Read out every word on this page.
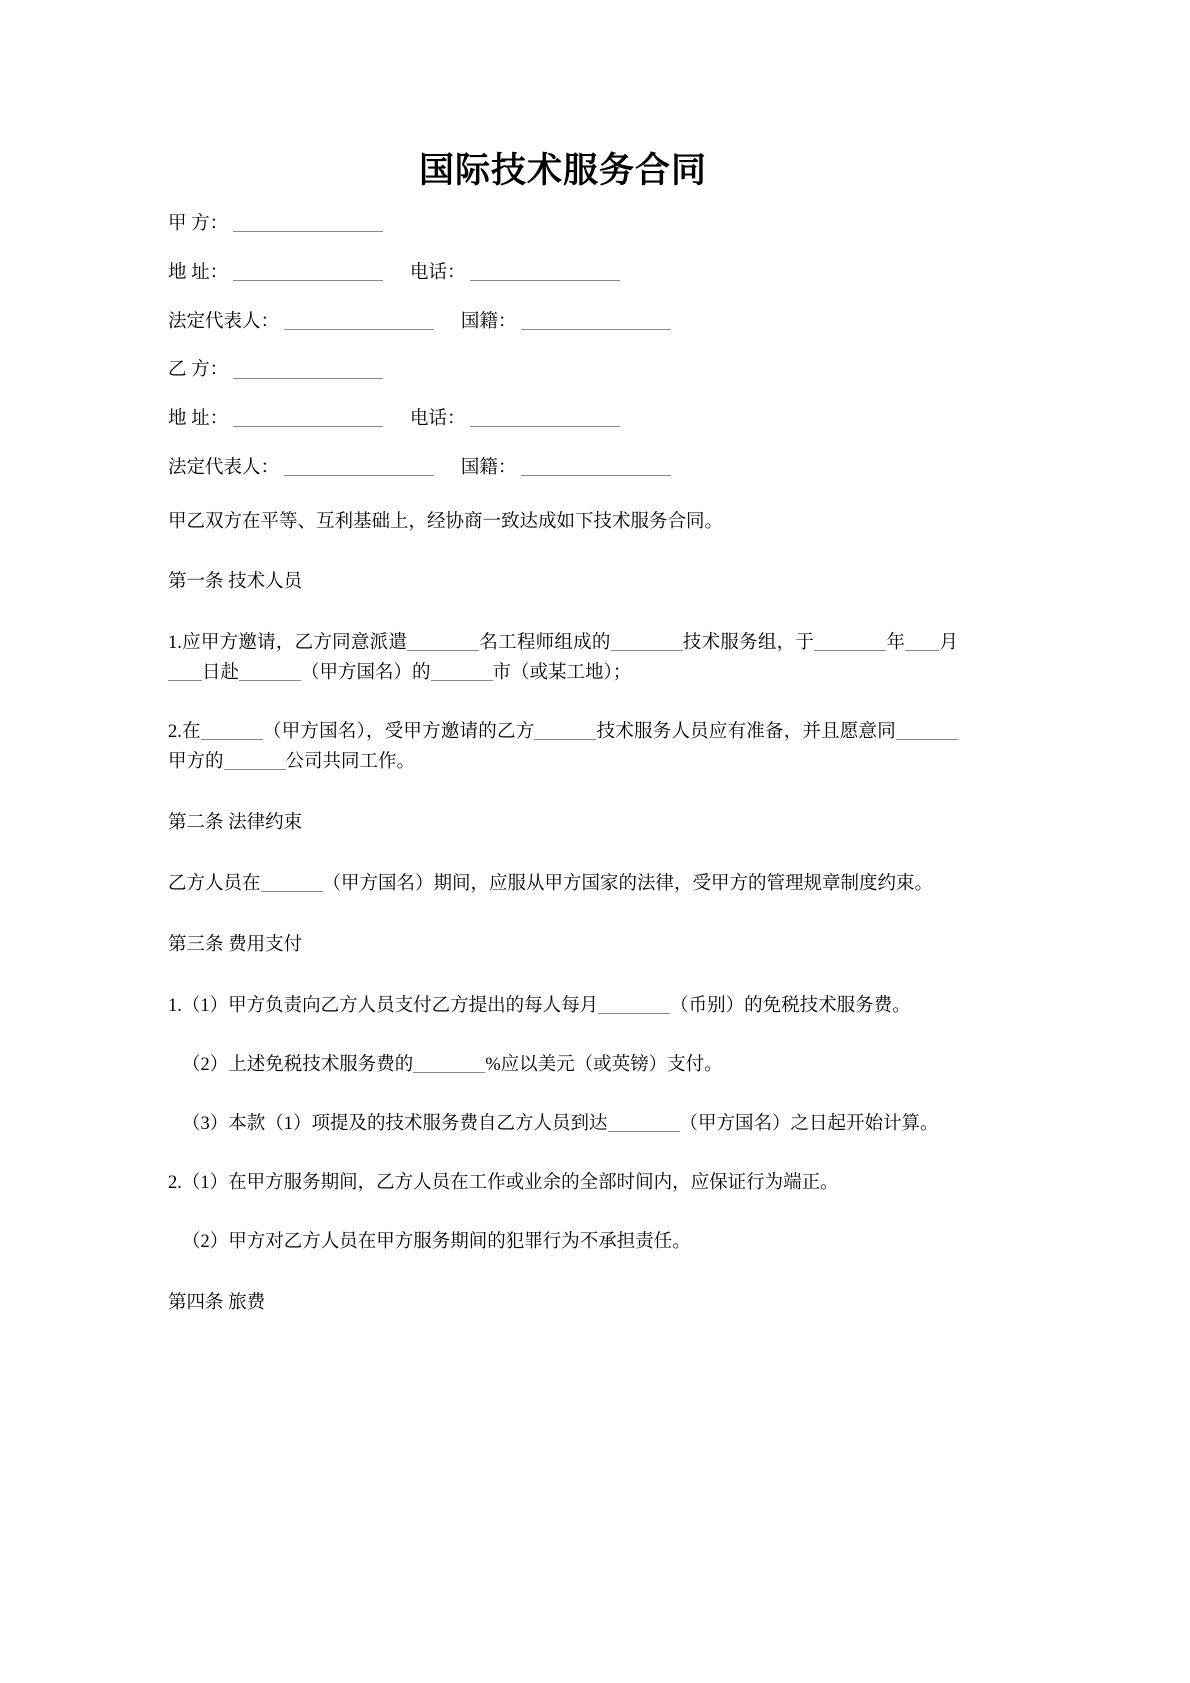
国际技术服务合同
甲 方：
地 址：	电话：
法定代表人：	国籍：
乙 方：
地 址：	电话：
法定代表人：	国籍：

甲乙双方在平等、互利基础上，经协商一致达成如下技术服务合同。

第一条 技术人员

1.应甲方邀请，乙方同意派遣	名工程师组成的	技术服务组，于	年 月日赴	（甲方国名）的	市（或某工地）；

2.在	（甲方国名），受甲方邀请的乙方	技术服务人员应有准备，并且愿意同甲方的	公司共同工作。

第二条 法律约束

乙方人员在	（甲方国名）期间，应服从甲方国家的法律，受甲方的管理规章制度约束。

第三条 费用支付

1.（1）甲方负责向乙方人员支付乙方提出的每人每月	（币别）的免税技术服务费。

（2）上述免税技术服务费的	%应以美元（或英镑）支付。

（3）本款（1）项提及的技术服务费自乙方人员到达	（甲方国名）之日起开始计算。

2.（1）在甲方服务期间，乙方人员在工作或业余的全部时间内，应保证行为端正。

（2）甲方对乙方人员在甲方服务期间的犯罪行为不承担责任。

第四条 旅费
